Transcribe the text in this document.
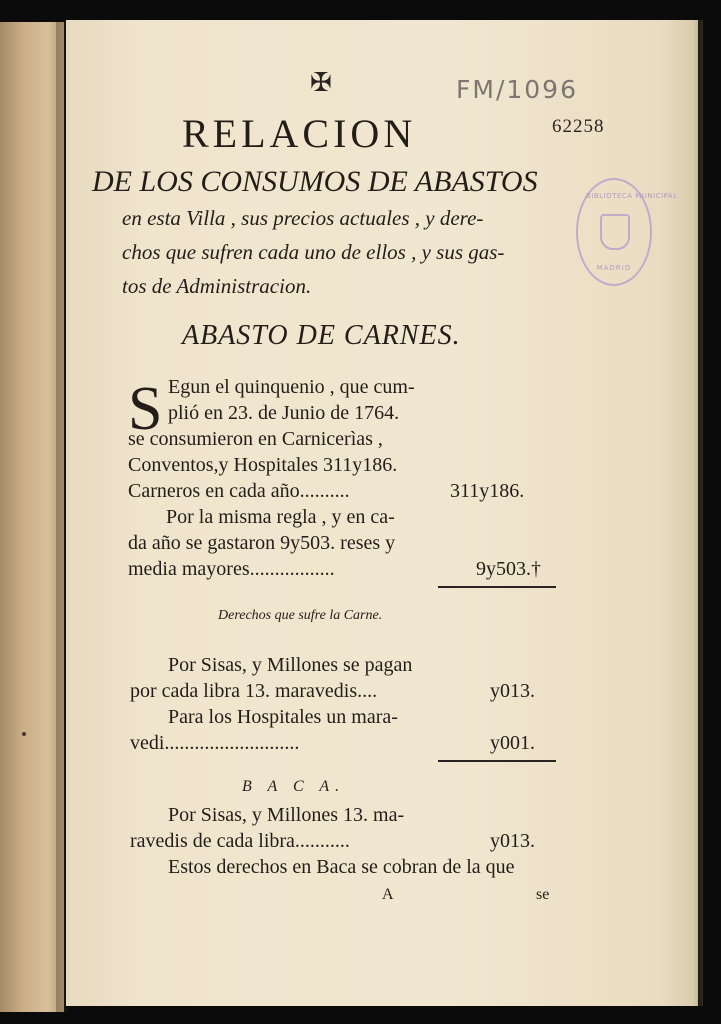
✠	FM/1096
62258
BIBLIOTECA MUNICIPAL
MADRID
RELACION
DE LOS CONSUMOS DE ABASTOS
en esta Villa , sus precios actuales , y dere-
chos que sufren cada uno de ellos , y sus gas-
tos de Administracion.
ABASTO DE CARNES.
S Egun el quinquenio , que cum-
plió en 23. de Junio de 1764.
se consumieron en Carnicerìas ,
Conventos,y Hospitales 311y186.
Carneros en cada año..........	311y186.
Por la misma regla , y en ca-
da año se gastaron 9y503. reses y
media mayores.................	9y503.†
Derechos que sufre la Carne.
Por Sisas, y Millones se pagan
por cada libra 13. maravedis....	y013.
Para los Hospitales un mara-
vedi...........................	y001.
B A C A.
Por Sisas, y Millones 13. ma-
ravedis de cada libra...........	y013.
Estos derechos en Baca se cobran de la que
A	se
